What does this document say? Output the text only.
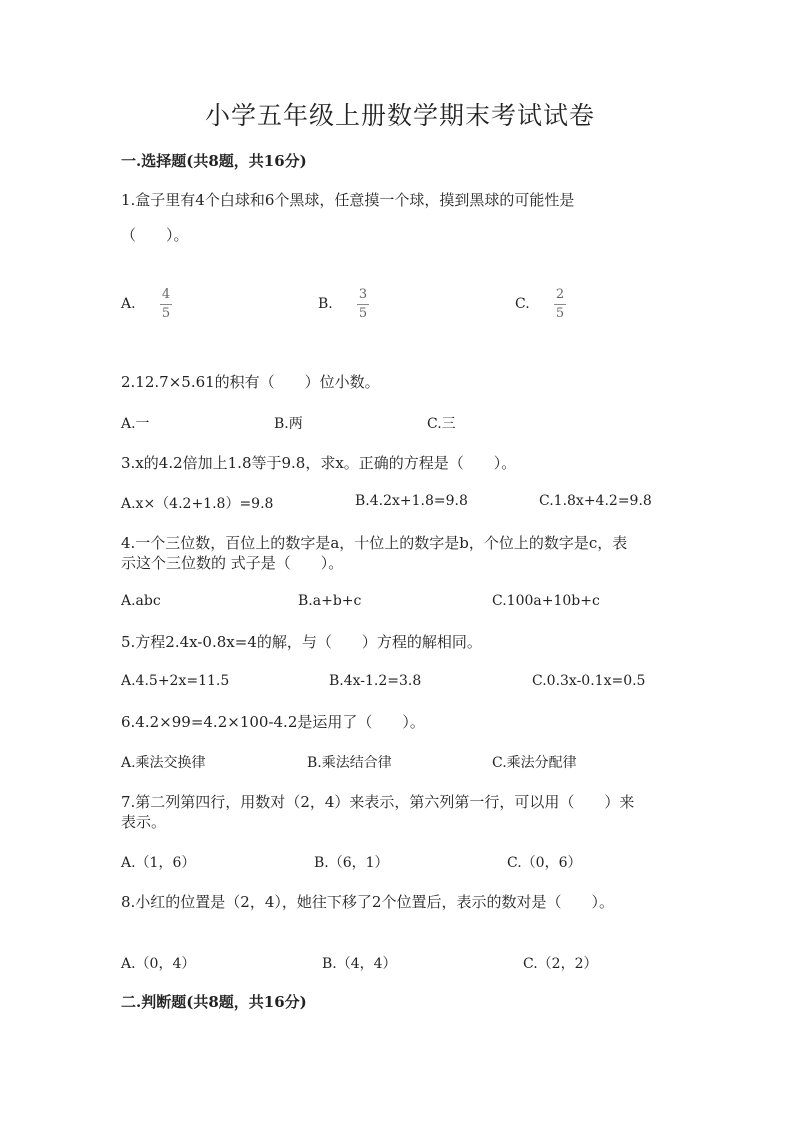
小学五年级上册数学期末考试试卷
一.选择题(共8题，共16分)
1.盒子里有4个白球和6个黑球，任意摸一个球，摸到黑球的可能性是
（　　）。
A.
4
5
B.
3
5
C.
2
5
2.12.7×5.61的积有（　　）位小数。
A.一	B.两	C.三
3.x的4.2倍加上1.8等于9.8，求x。正确的方程是（　　）。
A.x×（4.2+1.8）=9.8	B.4.2x+1.8=9.8	C.1.8x+4.2=9.8
4.一个三位数，百位上的数字是a，十位上的数字是b，个位上的数字是c，表
示这个三位数的 式子是（　　）。
A.abc	B.a+b+c	C.100a+10b+c
5.方程2.4x-0.8x=4的解，与（　　）方程的解相同。
A.4.5+2x=11.5	B.4x-1.2=3.8	C.0.3x-0.1x=0.5
6.4.2×99=4.2×100-4.2是运用了（　　）。
A.乘法交换律	B.乘法结合律	C.乘法分配律
7.第二列第四行，用数对（2，4）来表示，第六列第一行，可以用（　　）来
表示。
A.（1，6）	B.（6，1）	C.（0，6）
8.小红的位置是（2，4），她往下移了2个位置后，表示的数对是（　　）。
A.（0，4）	B.（4，4）	C.（2，2）
二.判断题(共8题，共16分)
